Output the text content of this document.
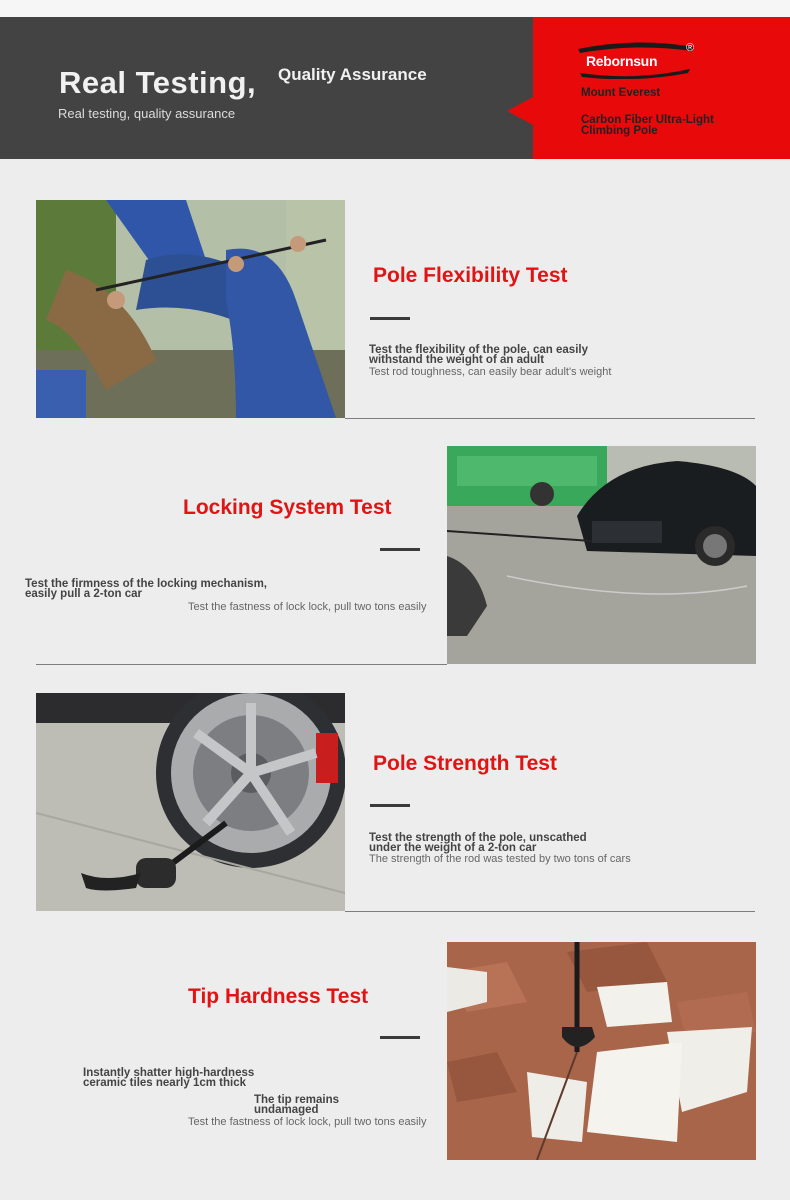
Real Testing, Quality Assurance
Real testing, quality assurance
Rebornsun
®
Mount Everest
Carbon Fiber Ultra-Light Climbing Pole
Pole Flexibility Test
Test the flexibility of the pole, can easily withstand the weight of an adult
Test rod toughness, can easily bear adult's weight
Locking System Test
Test the firmness of the locking mechanism, easily pull a 2-ton car
Test the fastness of lock lock, pull two tons easily
Pole Strength Test
Test the strength of the pole, unscathed under the weight of a 2-ton car
The strength of the rod was tested by two tons of cars
Tip Hardness Test
Instantly shatter high-hardness ceramic tiles nearly 1cm thick
The tip remains undamaged
Test the fastness of lock lock, pull two tons easily
